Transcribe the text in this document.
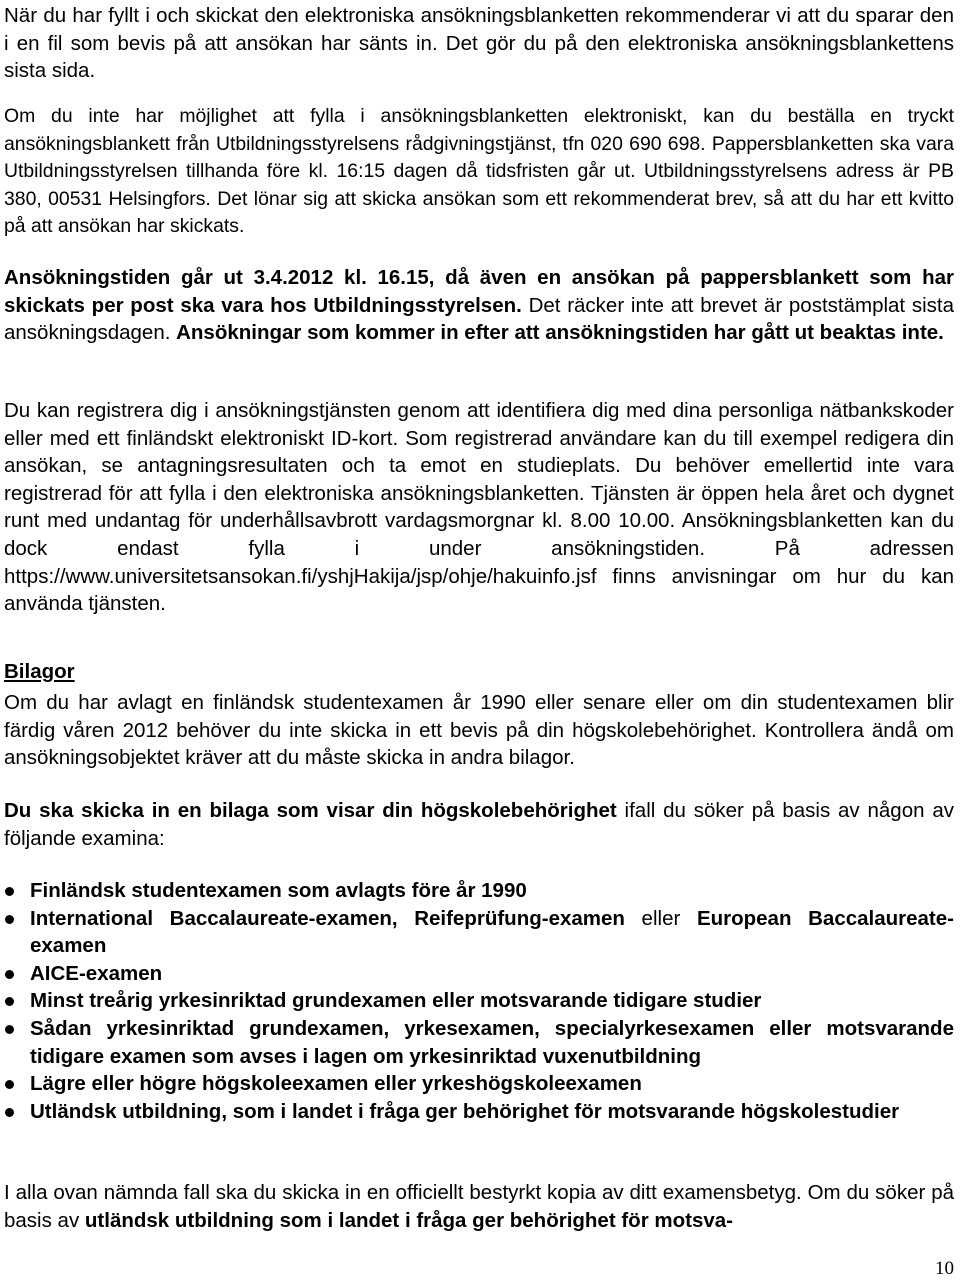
När du har fyllt i och skickat den elektroniska ansökningsblanketten rekommenderar vi att du sparar den i en fil som bevis på att ansökan har sänts in. Det gör du på den elektroniska ansökningsblankettens sista sida.

Om du inte har möjlighet att fylla i ansökningsblanketten elektroniskt, kan du beställa en tryckt ansökningsblankett från Utbildningsstyrelsens rådgivningstjänst, tfn 020 690 698. Pappersblanketten ska vara Utbildningsstyrelsen tillhanda före kl. 16:15 dagen då tidsfristen går ut. Utbildningsstyrelsens adress är PB 380, 00531 Helsingfors. Det lönar sig att skicka ansökan som ett rekommenderat brev, så att du har ett kvitto på att ansökan har skickats.

Ansökningstiden går ut 3.4.2012 kl. 16.15, då även en ansökan på pappersblankett som har skickats per post ska vara hos Utbildningsstyrelsen. Det räcker inte att brevet är poststämplat sista ansökningsdagen. Ansökningar som kommer in efter att ansökningstiden har gått ut beaktas inte.

Du kan registrera dig i ansökningstjänsten genom att identifiera dig med dina personliga nätbankskoder eller med ett finländskt elektroniskt ID-kort. Som registrerad användare kan du till exempel redigera din ansökan, se antagningsresultaten och ta emot en studieplats. Du behöver emellertid inte vara registrerad för att fylla i den elektroniska ansökningsblanketten. Tjänsten är öppen hela året och dygnet runt med undantag för underhållsavbrott vardagsmorgnar kl. 8.00 10.00. Ansökningsblanketten kan du dock endast fylla i under ansökningstiden. På adressen https://www.universitetsansokan.fi/yshjHakija/jsp/ohje/hakuinfo.jsf finns anvisningar om hur du kan använda tjänsten.

Bilagor

Om du har avlagt en finländsk studentexamen år 1990 eller senare eller om din studentexamen blir färdig våren 2012 behöver du inte skicka in ett bevis på din högskolebehörighet. Kontrollera ändå om ansökningsobjektet kräver att du måste skicka in andra bilagor.

Du ska skicka in en bilaga som visar din högskolebehörighet ifall du söker på basis av någon av följande examina:

Finländsk studentexamen som avlagts före år 1990
International Baccalaureate-examen, Reifeprüfung-examen eller European Baccalaureate-examen
AICE-examen
Minst treårig yrkesinriktad grundexamen eller motsvarande tidigare studier
Sådan yrkesinriktad grundexamen, yrkesexamen, specialyrkesexamen eller motsvarande tidigare examen som avses i lagen om yrkesinriktad vuxenutbildning
Lägre eller högre högskoleexamen eller yrkeshögskoleexamen
Utländsk utbildning, som i landet i fråga ger behörighet för motsvarande högskolestudier

I alla ovan nämnda fall ska du skicka in en officiellt bestyrkt kopia av ditt examensbetyg. Om du söker på basis av utländsk utbildning som i landet i fråga ger behörighet för motsva-

10
